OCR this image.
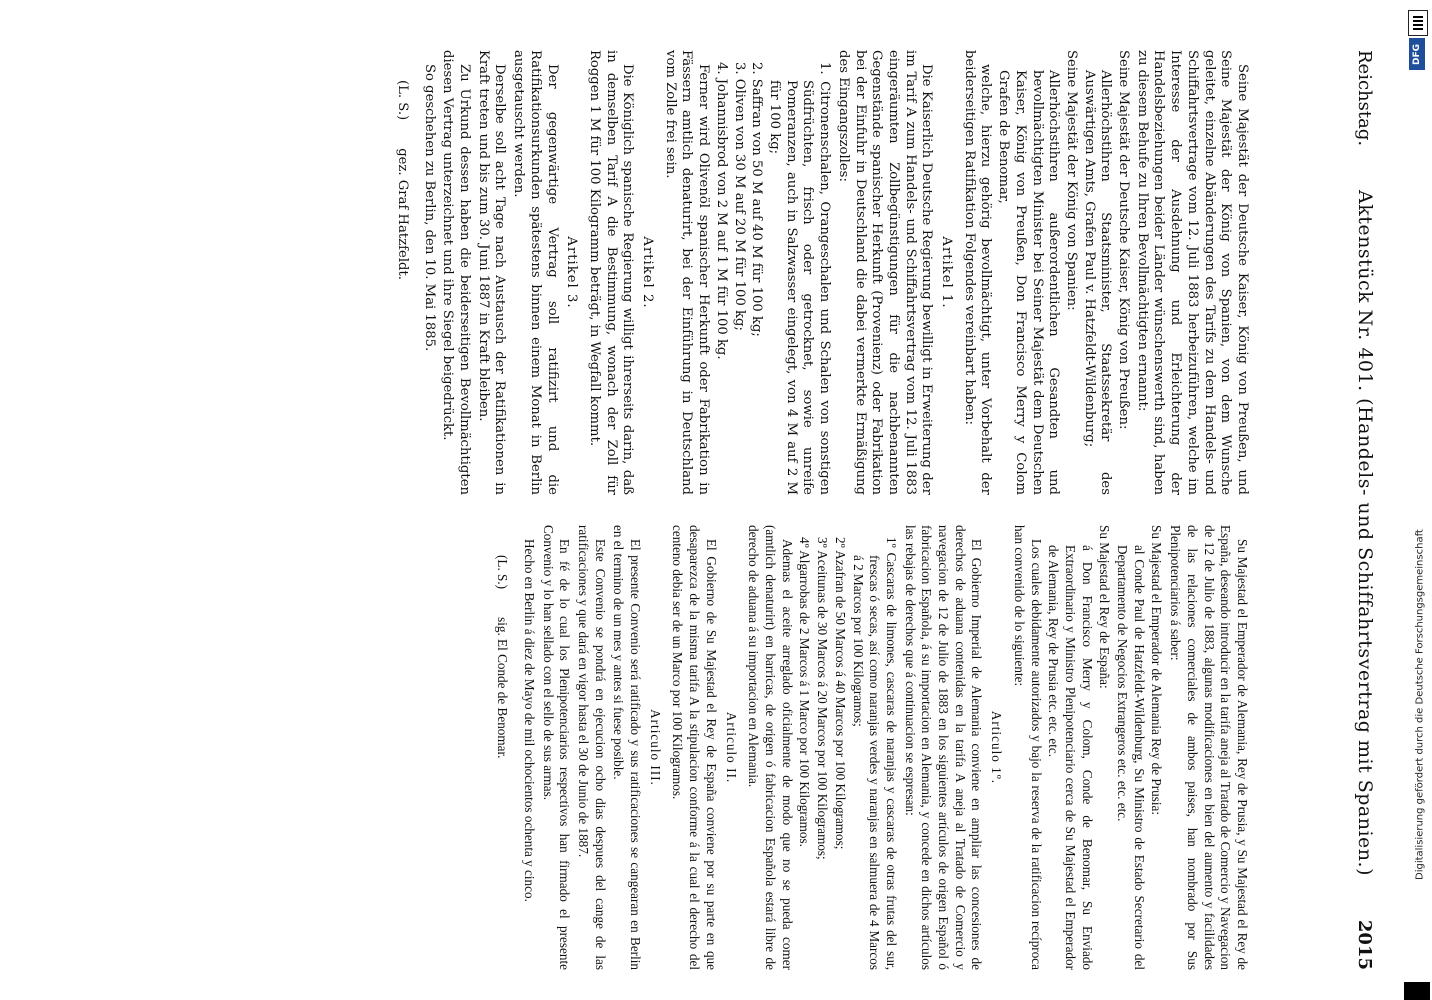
Reichstag.
Aktenstück Nr. 401. (Handels- und Schiffahrtsvertrag mit Spanien.)
2015

Seine Majestät der Deutsche Kaiser, König von Preußen, und Seine Majestät der König von Spanien, von dem Wunsche geleitet, einzelne Abänderungen des Tarifs zu dem Handels- und Schiffahrtsvertrage vom 12. Juli 1883 herbeizuführen, welche im Interesse der Ausdehnung und Erleichterung der Handelsbeziehungen beider Länder wünschenswerth sind, haben zu diesem Behufe zu Ihren Bevollmächtigten ernannt:

Seine Majestät der Deutsche Kaiser, König von Preußen:

Allerhöchstihren Staatsminister, Staatssekretär des Auswärtigen Amts, Grafen Paul v. Hatzfeldt-Wildenburg;

Seine Majestät der König von Spanien:

Allerhöchstihren außerordentlichen Gesandten und bevollmächtigten Minister bei Seiner Majestät dem Deutschen Kaiser, König von Preußen, Don Francisco Merry y Colom Grafen de Benomar,

welche, hierzu gehörig bevollmächtigt, unter Vorbehalt der beiderseitigen Ratifikation Folgendes vereinbart haben:

Artikel 1.

Die Kaiserlich Deutsche Regierung bewilligt in Erweiterung der im Tarif A zum Handels- und Schiffahrtsvertrag vom 12. Juli 1883 eingeräumten Zollbegünstigungen für die nachbenannten Gegenstände spanischer Herkunft (Provenienz) oder Fabrikation bei der Einfuhr in Deutschland die dabei vermerkte Ermäßigung des Eingangszolles:

1. Citronenschalen, Orangeschalen und Schalen von sonstigen Südfrüchten, frisch oder getrocknet, sowie unreife Pomeranzen, auch in Salzwasser eingelegt, von 4 M auf 2 M für 100 kg;

2. Saffran von 50 M auf 40 M für 100 kg;

3. Oliven von 30 M auf 20 M für 100 kg;

4. Johannisbrod von 2 M auf 1 M für 100 kg.

Ferner wird Olivenöl spanischer Herkunft oder Fabrikation in Fässern amtlich denaturirt, bei der Einführung in Deutschland vom Zolle frei sein.

Artikel 2.

Die Königlich spanische Regierung willigt ihrerseits darin, daß in demselben Tarif A die Bestimmung, wonach der Zoll für Roggen 1 M für 100 Kilogramm beträgt, in Wegfall kommt.

Artikel 3.

Der gegenwärtige Vertrag soll ratifizirt und die Ratifikationsurkunden spätestens binnen einem Monat in Berlin ausgetauscht werden.

Derselbe soll acht Tage nach Austausch der Ratifikationen in Kraft treten und bis zum 30. Juni 1887 in Kraft bleiben.

Zu Urkund dessen haben die beiderseitigen Bevollmächtigten diesen Vertrag unterzeichnet und ihre Siegel beigedrückt.

So geschehen zu Berlin, den 10. Mai 1885.

(L. S.)
gez. Graf Hatzfeldt.

Su Majestad el Emperador de Alemania, Rey de Prusia, y Su Majestad el Rey de España, deseando introducir en la tarifa aneja al Tratado de Comercio y Navegacion de 12 de Julio de 1883, algunas modificaciones en bien del aumento y facilidades de las relaciones comerciales de ambos paises, han nombrado por Sus Plenipotenciarios á saber:

Su Majestad el Emperador de Alemania Rey de Prusia:

al Conde Paul de Hatzfeldt-Wildenburg, Su Ministro de Estado Secretario del Departamento de Negocios Extrangeros etc. etc. etc.

Su Majestad el Rey de España:

á Don Francisco Merry y Colom, Conde de Benomar, Su Enviado Extraordinario y Ministro Plenipotenciario cerca de Su Majestad el Emperador de Alemania, Rey de Prusia etc. etc. etc.

Los cuales debidamente autorizados y bajo la reserva de la ratificacion recíproca han convenido de lo siguiente:

Articulo 1º.

El Gobierno Imperial de Alemania conviene en ampliar las concesiones de derechos de aduana contenidas en la tarifa A aneja al Tratado de Comercio y navegacion de 12 de Julio de 1883 en los siguientes artículos de origen Español ó fabricacion Española, á su importacion en Alemania, y concede en dichos artículos las rebajas de derechos que á continuacion se espresan:

1º Cascaras de limones, cascaras de naranjas y cascaras de otras frutas del sur, frescas ó secas, así como naranjas verdes y naranjas en salmuera de 4 Marcos á 2 Marcos por 100 Kilogramos;

2º Azafran de 50 Marcos á 40 Marcos por 100 Kilogramos;

3º Aceitunas de 30 Marcos á 20 Marcos por 100 Kilogramos;

4º Algarrobas de 2 Marcos á 1 Marco por 100 Kilogramos.

Ademas el aceite arreglado oficialmente de modo que no se pueda comer (amtlich denaturirt) en barricas, de origen ó fabricacion Española estará libre de derecho de aduana á su importacion en Alemania.

Articulo II.

El Gobierno de Su Majestad el Rey de España conviene por su parte en que desaparezca de la misma tarifa A la stipulacion conforme á la cual el derecho del centeno debia ser de un Marco por 100 Kilogramos.

Articulo III.

El presente Convenio será ratificado y sus ratificaciones se cangearan en Berlin en el termino de un mes y antes si fuese posible.

Este Convenio se pondrá en ejecucion ocho dias despues del cange de las ratificaciones y que dará en vigor hasta el 30 de Junio de 1887.

En fé de lo cual los Plenipotenciarios respectivos han firmado el presente Convenio y lo han sellado con el sello de sus armas.

Hecho en Berlin á diez de Mayo de mil ochocientos ochenta y cinco.

(L. S.)
sig. El Conde de Benomar.
DFG
Digitalisierung gefördert durch die Deutsche Forschungsgemeinschaft
